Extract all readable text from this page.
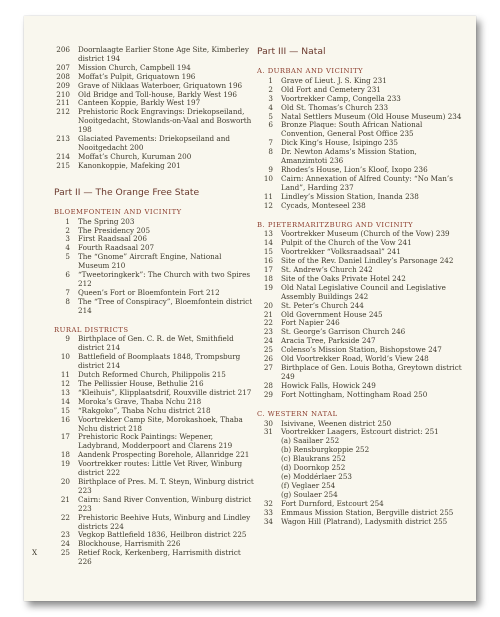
206 Doornlaagte Earlier Stone Age Site, Kimberley district 194
207 Mission Church, Campbell 194
208 Moffat’s Pulpit, Griquatown 196
209 Grave of Niklaas Waterboer, Griquatown 196
210 Old Bridge and Toll-house, Barkly West 196
211 Canteen Koppie, Barkly West 197
212 Prehistoric Rock Engravings: Driekopseiland, Nooitgedacht, Stowlands-on-Vaal and Bosworth 198
213 Glaciated Pavements: Driekopseiland and Nooitgedacht 200
214 Moffat’s Church, Kuruman 200
215 Kanonkoppie, Mafeking 201
Part II — The Orange Free State
BLOEMFONTEIN AND VICINITY
1 The Spring 203
2 The Presidency 205
3 First Raadsaal 206
4 Fourth Raadsaal 207
5 The “Gnome” Aircraft Engine, National Museum 210
6 “Tweetoringkerk”: The Church with two Spires 212
7 Queen’s Fort or Bloemfontein Fort 212
8 The “Tree of Conspiracy”, Bloemfontein district 214
RURAL DISTRICTS
9 Birthplace of Gen. C. R. de Wet, Smithfield district 214
10 Battlefield of Boomplaats 1848, Trompsburg district 214
11 Dutch Reformed Church, Philippolis 215
12 The Pellissier House, Bethulie 216
13 “Kleihuis”, Klipplaatsdrif, Rouxville district 217
14 Moroka’s Grave, Thaba Nchu 218
15 “Rakgoko”, Thaba Nchu district 218
16 Voortrekker Camp Site, Morokashoek, Thaba Nchu district 218
17 Prehistoric Rock Paintings: Wepener, Ladybrand, Modderpoort and Clarens 219
18 Aandenk Prospecting Borehole, Allanridge 221
19 Voortrekker routes: Little Vet River, Winburg district 222
20 Birthplace of Pres. M. T. Steyn, Winburg district 223
21 Cairn: Sand River Convention, Winburg district 223
22 Prehistoric Beehive Huts, Winburg and Lindley districts 224
23 Vegkop Battlefield 1836, Heilbron district 225
24 Blockhouse, Harrismith 226
X	25 Retief Rock, Kerkenberg, Harrismith district 226
Part III — Natal
A. DURBAN AND VICINITY
1 Grave of Lieut. J. S. King 231
2 Old Fort and Cemetery 231
3 Voortrekker Camp, Congella 233
4 Old St. Thomas’s Church 233
5 Natal Settlers Museum (Old House Museum) 234
6 Bronze Plaque: South African National Convention, General Post Office 235
7 Dick King’s House, Isipingo 235
8 Dr. Newton Adams’s Mission Station, Amanzimtoti 236
9 Rhodes’s House, Lion’s Kloof, Ixopo 236
10 Cairn: Annexation of Alfred County: “No Man’s Land”, Harding 237
11 Lindley’s Mission Station, Inanda 238
12 Cycads, Monteseel 238
B. PIETERMARITZBURG AND VICINITY
13 Voortrekker Museum (Church of the Vow) 239
14 Pulpit of the Church of the Vow 241
15 Voortrekker “Volksraadsaal” 241
16 Site of the Rev. Daniel Lindley’s Parsonage 242
17 St. Andrew’s Church 242
18 Site of the Oaks Private Hotel 242
19 Old Natal Legislative Council and Legislative Assembly Buildings 242
20 St. Peter’s Church 244
21 Old Government House 245
22 Fort Napier 246
23 St. George’s Garrison Church 246
24 Aracia Tree, Parkside 247
25 Colenso’s Mission Station, Bishopstowe 247
26 Old Voortrekker Road, World’s View 248
27 Birthplace of Gen. Louis Botha, Greytown district 249
28 Howick Falls, Howick 249
29 Fort Nottingham, Nottingham Road 250
C. WESTERN NATAL
30 Isivivane, Weenen district 250
31 Voortrekker Laagers, Estcourt district: 251
(a) Saailaer 252
(b) Rensburgkoppie 252
(c) Blaukrans 252
(d) Doornkop 252
(e) Moddérlaer 253
(f) Veglaer 254
(g) Soulaer 254
32 Fort Durnford, Estcourt 254
33 Emmaus Mission Station, Bergville district 255
34 Wagon Hill (Platrand), Ladysmith district 255
